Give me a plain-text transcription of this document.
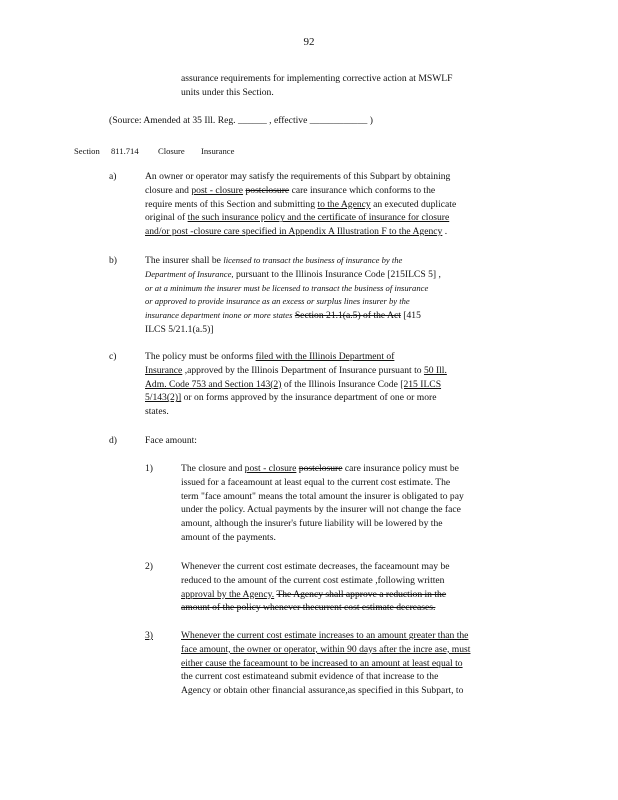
92
assurance requirements for implementing corrective action at MSWLF
units under this Section.
(Source: Amended at 35 Ill. Reg. ______ , effective ____________ )
Section 811.714 Closure Insurance
a)
b)
c)
d)
An owner or operator may satisfy the requirements of this Subpart by obtaining
closure and post - closure postclosure care insurance which conforms to the
require ments of this Section and submitting to the Agency an executed duplicate
original of the such insurance policy and the certificate of insurance for closure
and/or post -closure care specified in Appendix A Illustration F to the Agency .
The insurer shall be licensed to transact the business of insurance by the
Department of Insurance, pursuant to the Illinois Insurance Code [215ILCS 5] ,
or at a minimum the insurer must be licensed to transact the business of insurance
or approved to provide insurance as an excess or surplus lines insurer by the
insurance department inone or more states Section 21.1(a.5) of the Act [415
ILCS 5/21.1(a.5)]
The policy must be onforms filed with the Illinois Department of
Insurance ,approved by the Illinois Department of Insurance pursuant to 50 Ill.
Adm. Code 753 and Section 143(2) of the Illinois Insurance Code [215 ILCS
5/143(2)] or on forms approved by the insurance department of one or more
states.
Face amount:
1)
2)
3)
The closure and post - closure postclosure care insurance policy must be
issued for a faceamount at least equal to the current cost estimate. The
term "face amount" means the total amount the insurer is obligated to pay
under the policy. Actual payments by the insurer will not change the face
amount, although the insurer's future liability will be lowered by the
amount of the payments.
Whenever the current cost estimate decreases, the faceamount may be
reduced to the amount of the current cost estimate ,following written
approval by the Agency. The Agency shall approve a reduction in the
amount of the policy whenever thecurrent cost estimate decreases.
Whenever the current cost estimate increases to an amount greater than the
face amount, the owner or operator, within 90 days after the incre ase, must
either cause the faceamount to be increased to an amount at least equal to
the current cost estimateand submit evidence of that increase to the
Agency or obtain other financial assurance,as specified in this Subpart, to
